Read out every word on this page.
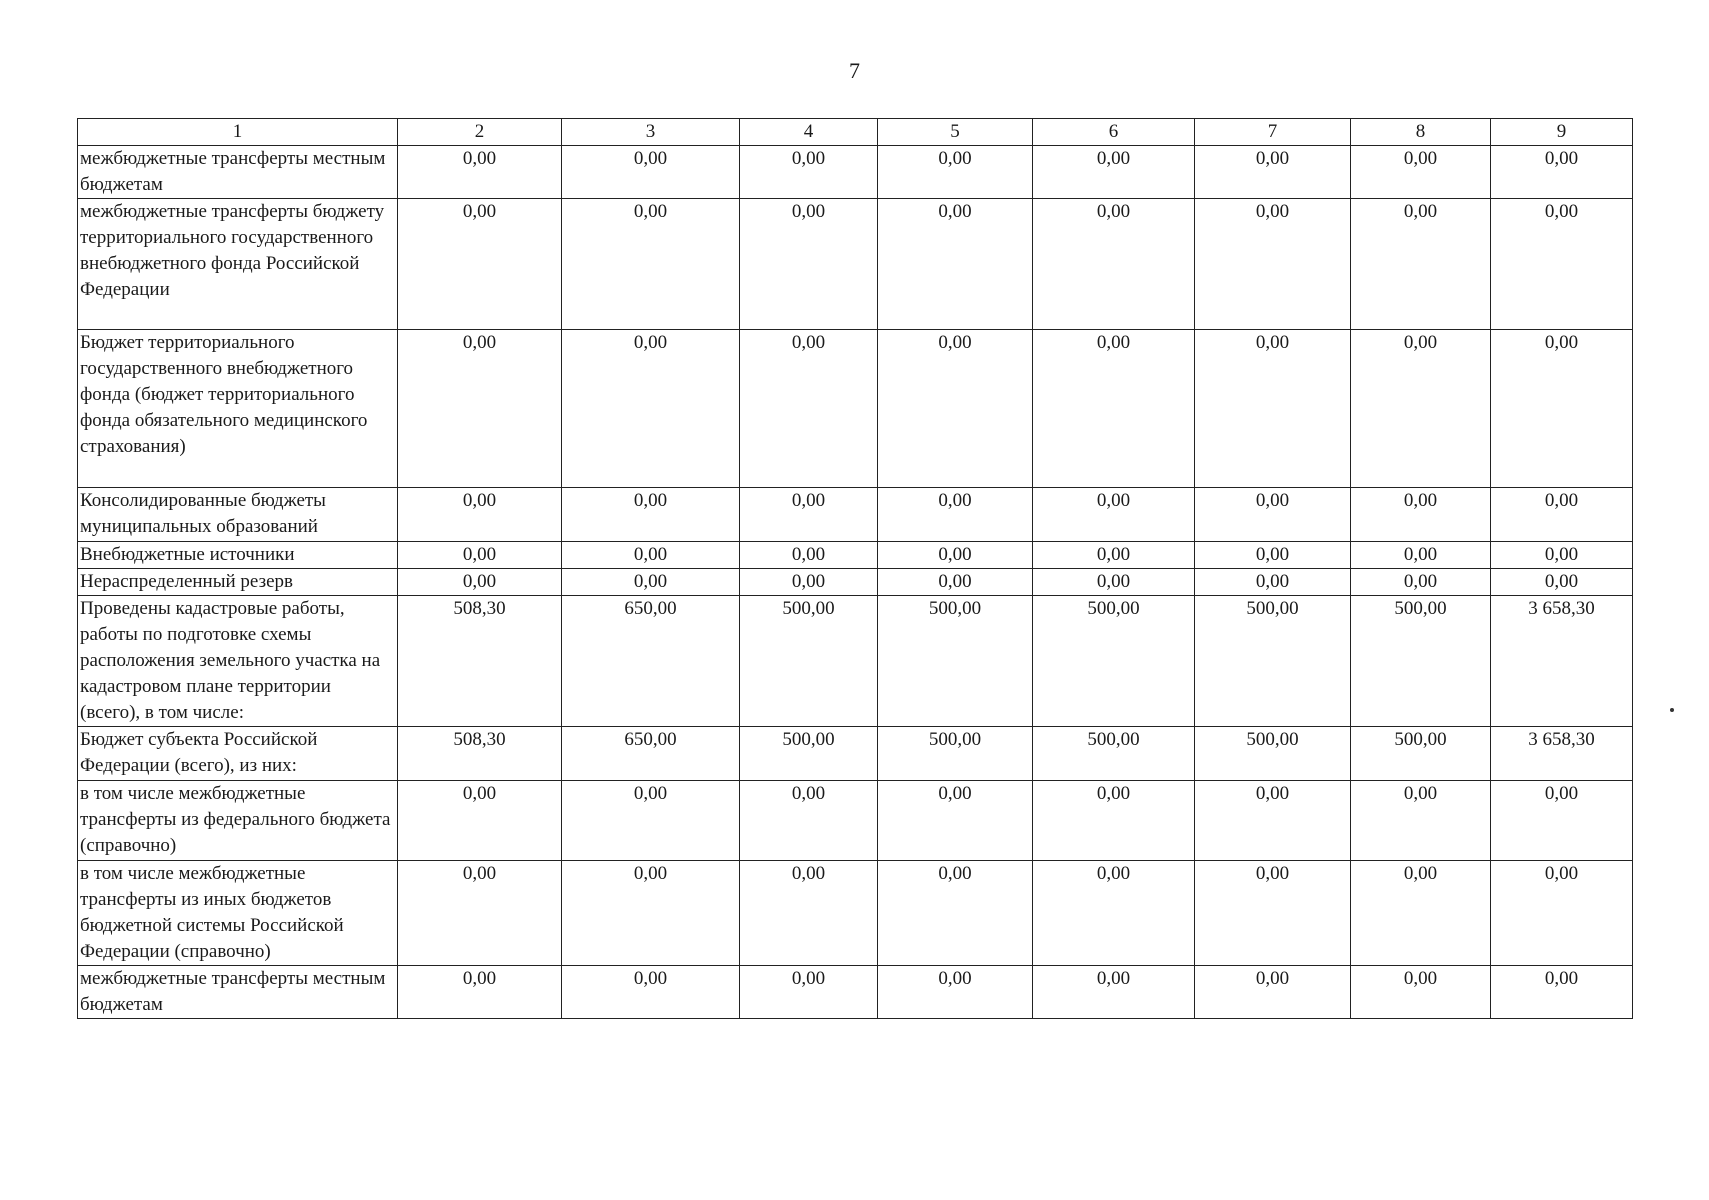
7
1	2	3	4	5	6	7	8	9
межбюджетные трансферты местным бюджетам	0,00	0,00	0,00	0,00	0,00	0,00	0,00	0,00
межбюджетные трансферты бюджету территориального государственного внебюджетного фонда Российской Федерации	0,00	0,00	0,00	0,00	0,00	0,00	0,00	0,00
Бюджет территориального государственного внебюджетного фонда (бюджет территориального фонда обязательного медицинского страхования)	0,00	0,00	0,00	0,00	0,00	0,00	0,00	0,00
Консолидированные бюджеты муниципальных образований	0,00	0,00	0,00	0,00	0,00	0,00	0,00	0,00
Внебюджетные источники	0,00	0,00	0,00	0,00	0,00	0,00	0,00	0,00
Нераспределенный резерв	0,00	0,00	0,00	0,00	0,00	0,00	0,00	0,00
Проведены кадастровые работы, работы по подготовке схемы расположения земельного участка на кадастровом плане территории (всего), в том числе:	508,30	650,00	500,00	500,00	500,00	500,00	500,00	3 658,30
Бюджет субъекта Российской Федерации (всего), из них:	508,30	650,00	500,00	500,00	500,00	500,00	500,00	3 658,30
в том числе межбюджетные трансферты из федерального бюджета (справочно)	0,00	0,00	0,00	0,00	0,00	0,00	0,00	0,00
в том числе межбюджетные трансферты из иных бюджетов бюджетной системы Российской Федерации (справочно)	0,00	0,00	0,00	0,00	0,00	0,00	0,00	0,00
межбюджетные трансферты местным бюджетам	0,00	0,00	0,00	0,00	0,00	0,00	0,00	0,00
